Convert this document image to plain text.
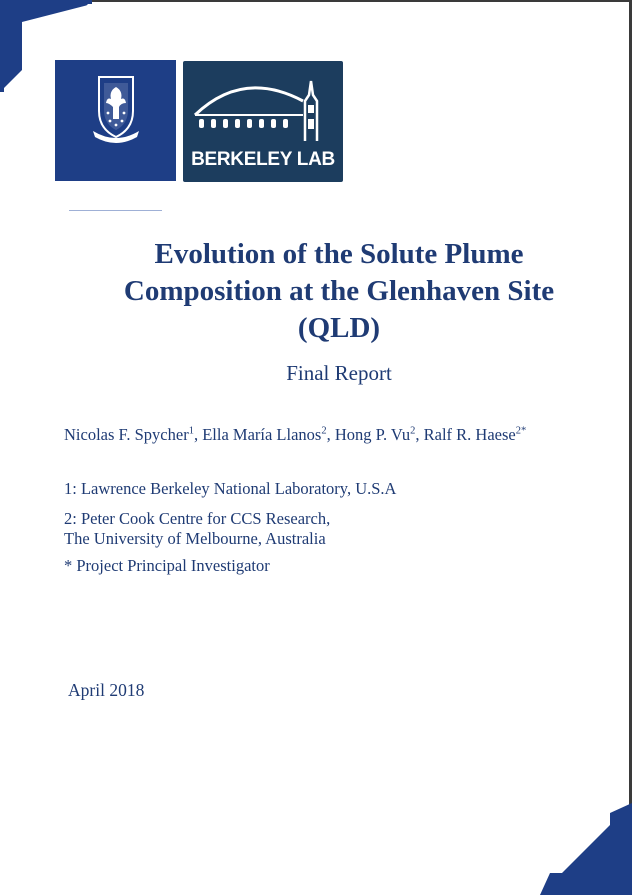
THE UNIVERSITY OF
MELBOURNE
BERKELEY LAB
Evolution of the Solute Plume
Composition at the Glenhaven Site
(QLD)
Final Report
Nicolas F. Spycher$^1$, Ella María Llanos$^2$, Hong P. Vu$^2$, Ralf R. Haese$^{2*}$
1: Lawrence Berkeley National Laboratory, U.S.A
2: Peter Cook Centre for CCS Research,
The University of Melbourne, Australia
* Project Principal Investigator
April 2018
